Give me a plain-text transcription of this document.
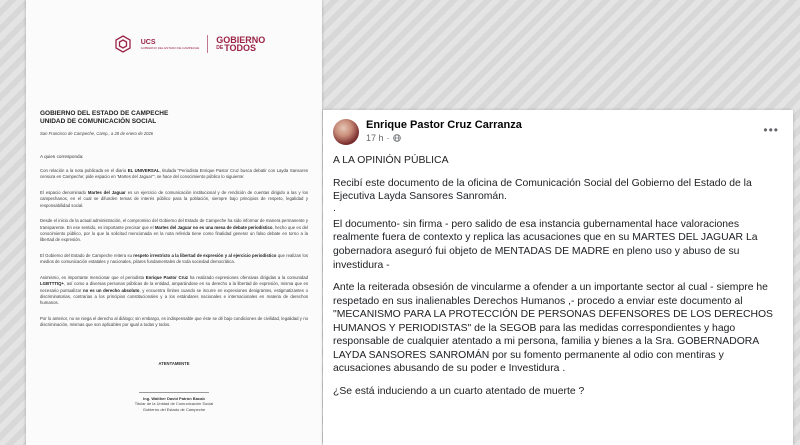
UCS
GOBIERNO DEL ESTADO DE CAMPECHE
GOBIERNO
DE TODOS
GOBIERNO DEL ESTADO DE CAMPECHE
UNIDAD DE COMUNICACIÓN SOCIAL
San Francisco de Campeche, Camp., a 28 de enero de 2026
A quien corresponda:

Con relación a la nota publicada en el diario EL UNIVERSAL, titulada "Periodista Enrique Pastor Cruz busca debatir con Layda Sansores censura en Campeche; pide espacio en 'Martes del Jaguar'", se hace del conocimiento público lo siguiente:

El espacio denominado Martes del Jaguar es un ejercicio de comunicación institucional y de rendición de cuentas dirigido a las y los campechanos, en el cual se difunden temas de interés público para la población, siempre bajo principios de respeto, legalidad y responsabilidad social.

Desde el inicio de la actual administración, el compromiso del Gobierno del Estado de Campeche ha sido informar de manera permanente y transparente. En ese sentido, es importante precisar que el Martes del Jaguar no es una mesa de debate periodístico, hecho que es del conocimiento público, por lo que la solicitud mencionada en la nota referida tiene como finalidad generar un falso debate en torno a la libertad de expresión.

El Gobierno del Estado de Campeche reitera su respeto irrestricto a la libertad de expresión y al ejercicio periodístico que realizan los medios de comunicación estatales y nacionales, pilares fundamentales de toda sociedad democrática.

Asimismo, es importante mencionar que el periodista Enrique Pastor Cruz ha realizado expresiones ofensivas dirigidas a la comunidad LGBTTTIQ+, así como a diversas personas públicas de la entidad, amparándose en su derecho a la libertad de expresión, misma que es necesario puntualizar no es un derecho absoluto, y encuentra límites cuando se incurre en expresiones denigrantes, estigmatizantes o discriminatorias, contrarias a los principios constitucionales y a los estándares nacionales e internacionales en materia de derechos humanos.

Por lo anterior, no se niega el derecho al diálogo; sin embargo, es indispensable que éste se dé bajo condiciones de civilidad, legalidad y no discriminación, mismas que son aplicables por igual a todas y todos.

ATENTAMENTE
Ing. Walther David Patrón Bacab
Titular de la Unidad de Comunicación Social
Gobierno del Estado de Campeche
Enrique Pastor Cruz Carranza
17 h ·
•••

A LA OPINIÓN PÚBLICA

Recibí este documento de la oficina de Comunicación Social del Gobierno del Estado de la Ejecutiva Layda Sansores Sanromán.

.

El documento- sin firma - pero salido de esa instancia gubernamental hace valoraciones realmente fuera de contexto y replica las acusaciones que en su MARTES DEL JAGUAR La gobernadora aseguró fui objeto de MENTADAS DE MADRE en pleno uso y abuso de su investidura -

Ante la reiterada obsesión de vincularme a ofender a un importante sector al cual - siempre he respetado en sus inalienables Derechos Humanos ,- procedo a enviar este documento al "MECANISMO PARA LA PROTECCIÓN DE PERSONAS DEFENSORES DE LOS DERECHOS HUMANOS Y PERIODISTAS" de la SEGOB para las medidas correspondientes y hago responsable de cualquier atentado a mi persona, familia y bienes a la Sra. GOBERNADORA LAYDA SANSORES SANROMÁN por su fomento permanente al odio con mentiras y acusaciones abusando de su poder e Investidura .

¿Se está induciendo a un cuarto atentado de muerte ?
